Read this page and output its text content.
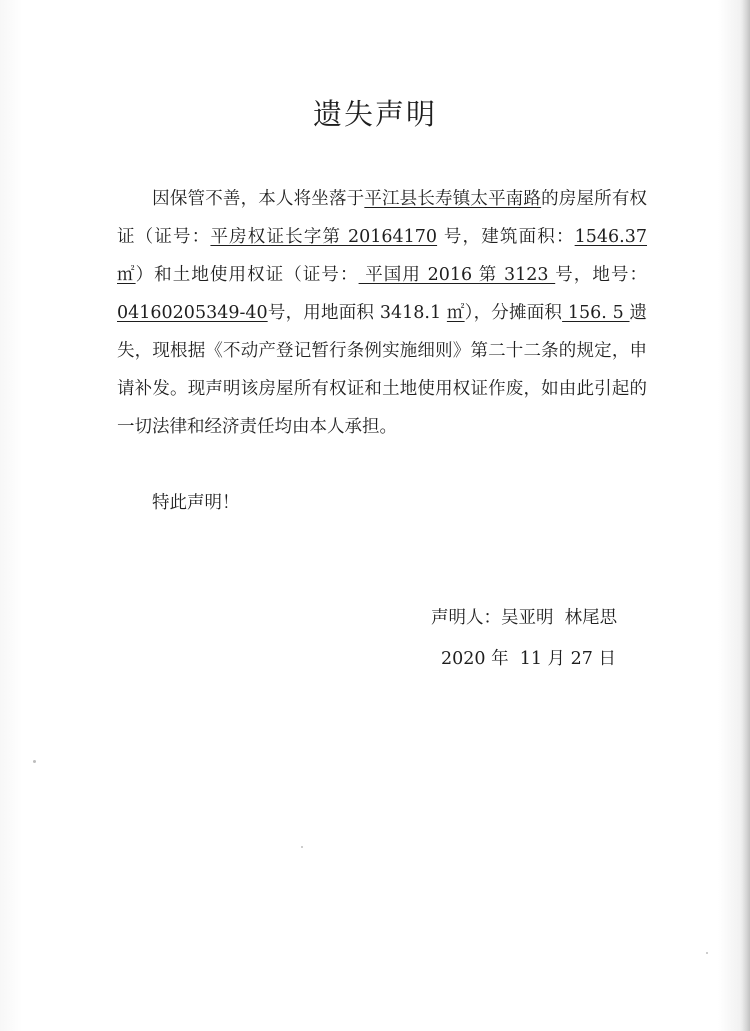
遗失声明

因保管不善，本人将坐落于平江县长寿镇太平南路的房屋所有权证（证号：平房权证长字第 20164170 号，建筑面积：1546.37 ㎡）和土地使用权证（证号： 平国用 2016 第 3123 号，地号：04160205349-40号，用地面积 3418.1 ㎡），分摊面积 156. 5 遗失，现根据《不动产登记暂行条例实施细则》第二十二条的规定，申请补发。现声明该房屋所有权证和土地使用权证作废，如由此引起的一切法律和经济责任均由本人承担。

特此声明！

声明人：吴亚明  林尾思

2020 年  11 月 27 日
